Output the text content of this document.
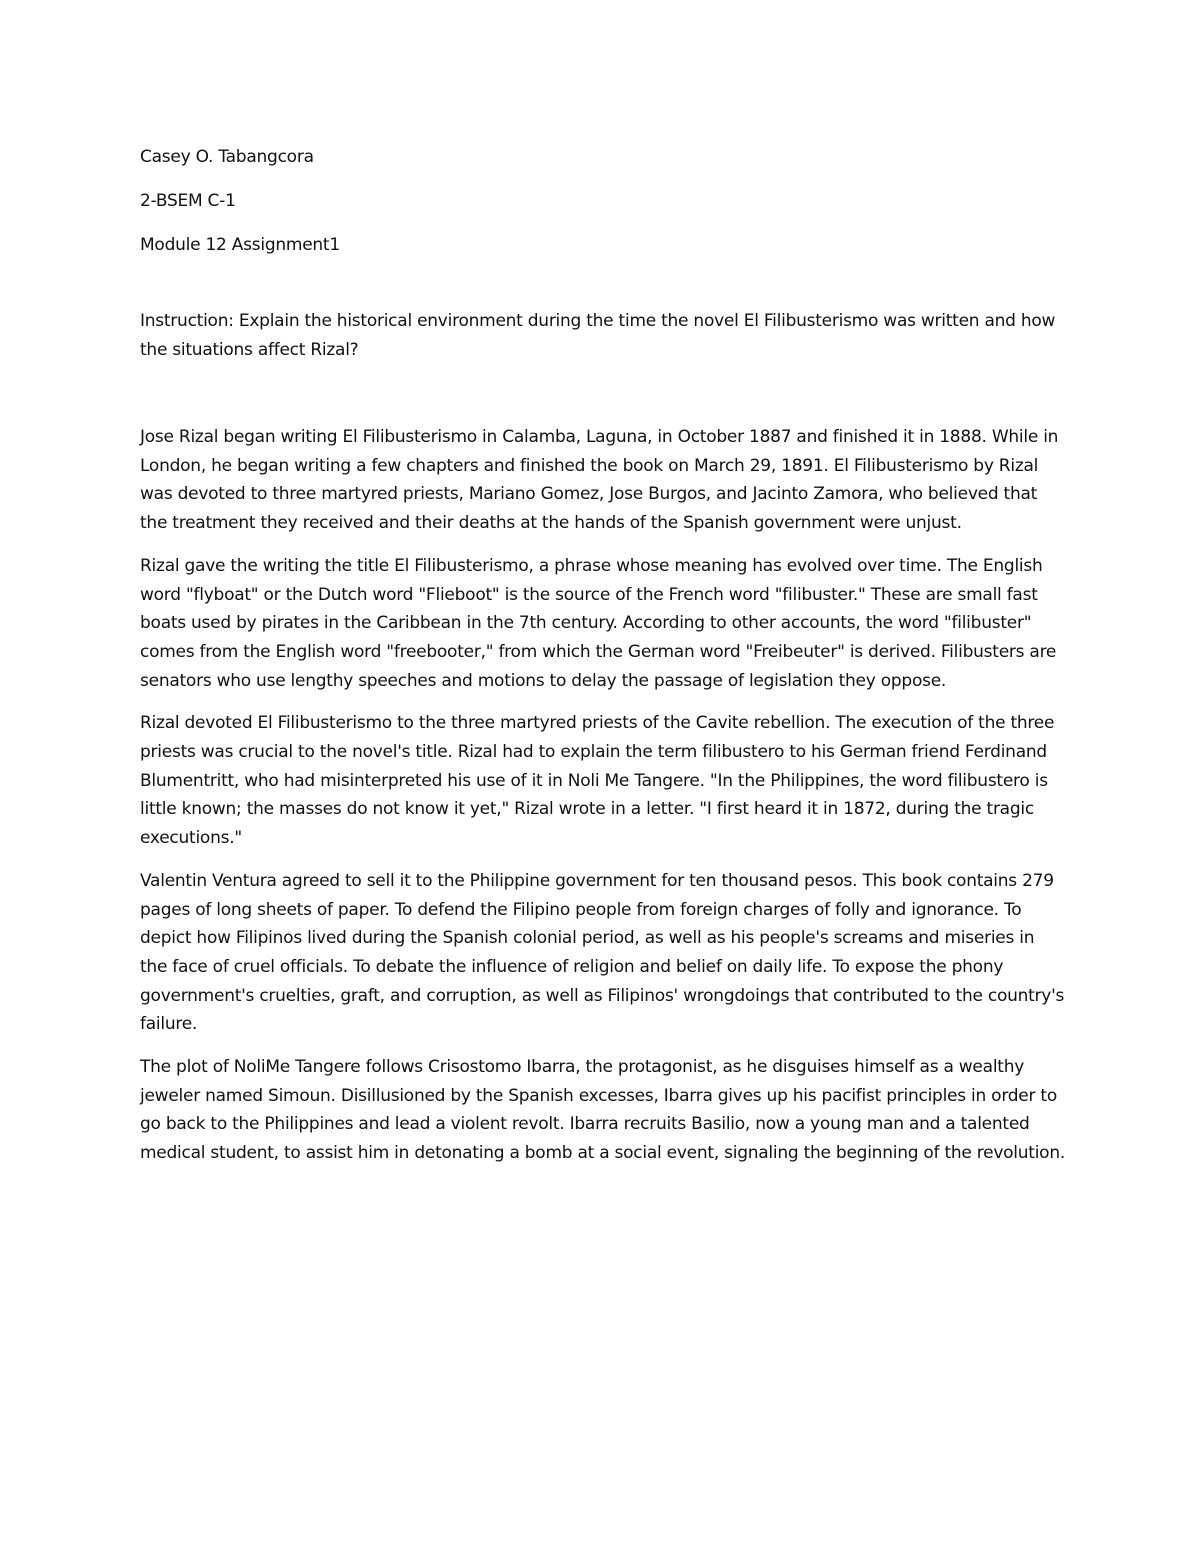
Casey O. Tabangcora

2-BSEM C-1

Module 12 Assignment1

Instruction: Explain the historical environment during the time the novel El Filibusterismo was written and how the situations affect Rizal?

Jose Rizal began writing El Filibusterismo in Calamba, Laguna, in October 1887 and finished it in 1888. While in London, he began writing a few chapters and finished the book on March 29, 1891. El Filibusterismo by Rizal was devoted to three martyred priests, Mariano Gomez, Jose Burgos, and Jacinto Zamora, who believed that the treatment they received and their deaths at the hands of the Spanish government were unjust.

Rizal gave the writing the title El Filibusterismo, a phrase whose meaning has evolved over time. The English word "flyboat" or the Dutch word "Flieboot" is the source of the French word "filibuster." These are small fast boats used by pirates in the Caribbean in the 7th century. According to other accounts, the word "filibuster" comes from the English word "freebooter," from which the German word "Freibeuter" is derived. Filibusters are senators who use lengthy speeches and motions to delay the passage of legislation they oppose.

Rizal devoted El Filibusterismo to the three martyred priests of the Cavite rebellion. The execution of the three priests was crucial to the novel's title. Rizal had to explain the term filibustero to his German friend Ferdinand Blumentritt, who had misinterpreted his use of it in Noli Me Tangere. "In the Philippines, the word filibustero is little known; the masses do not know it yet," Rizal wrote in a letter. "I first heard it in 1872, during the tragic executions."

Valentin Ventura agreed to sell it to the Philippine government for ten thousand pesos. This book contains 279 pages of long sheets of paper. To defend the Filipino people from foreign charges of folly and ignorance. To depict how Filipinos lived during the Spanish colonial period, as well as his people's screams and miseries in the face of cruel officials. To debate the influence of religion and belief on daily life. To expose the phony government's cruelties, graft, and corruption, as well as Filipinos' wrongdoings that contributed to the country's failure.

The plot of NoliMe Tangere follows Crisostomo Ibarra, the protagonist, as he disguises himself as a wealthy jeweler named Simoun. Disillusioned by the Spanish excesses, Ibarra gives up his pacifist principles in order to go back to the Philippines and lead a violent revolt. Ibarra recruits Basilio, now a young man and a talented medical student, to assist him in detonating a bomb at a social event, signaling the beginning of the revolution.
